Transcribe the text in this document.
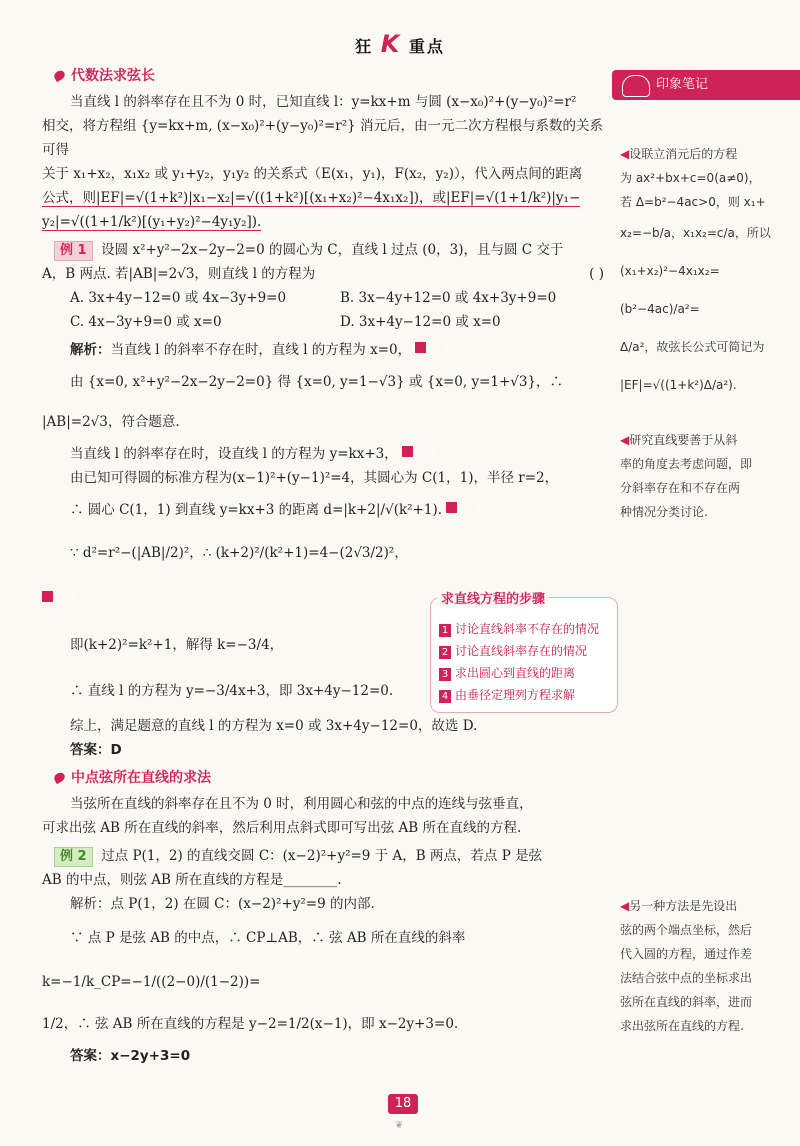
狂 K 重点
代数法求弦长

当直线 l 的斜率存在且不为 0 时，已知直线 l：y=kx+m 与圆 (x−x₀)²+(y−y₀)²=r²

相交，将方程组 {y=kx+m, (x−x₀)²+(y−y₀)²=r²} 消元后，由一元二次方程根与系数的关系可得

关于 x₁+x₂，x₁x₂ 或 y₁+y₂，y₁y₂ 的关系式（E(x₁，y₁)，F(x₂，y₂)），代入两点间的距离

公式，则|EF|=√(1+k²)|x₁−x₂|=√((1+k²)[(x₁+x₂)²−4x₁x₂])，或|EF|=√(1+1/k²)|y₁−

y₂|=√((1+1/k²)[(y₁+y₂)²−4y₁y₂]).

例 1 设圆 x²+y²−2x−2y−2=0 的圆心为 C，直线 l 过点 (0，3)，且与圆 C 交于

A，B 两点. 若|AB|=2√3，则直线 l 的方程为	( )

A. 3x+4y−12=0 或 4x−3y+9=0	B. 3x−4y+12=0 或 4x+3y+9=0
C. 4x−3y+9=0 或 x=0	D. 3x+4y−12=0 或 x=0

解析：当直线 l 的斜率不存在时，直线 l 的方程为 x=0，	1

由 {x=0, x²+y²−2x−2y−2=0} 得 {x=0, y=1−√3} 或 {x=0, y=1+√3}，∴ |AB|=2√3，符合题意.

当直线 l 的斜率存在时，设直线 l 的方程为 y=kx+3，	2

由已知可得圆的标准方程为(x−1)²+(y−1)²=4，其圆心为 C(1，1)，半径 r=2，

∴ 圆心 C(1，1) 到直线 y=kx+3 的距离 d=|k+2|/√(k²+1).	3

∵ d²=r²−(|AB|/2)²，∴ (k+2)²/(k²+1)=4−(2√3/2)²， 4

即(k+2)²=k²+1，解得 k=−3/4，

∴ 直线 l 的方程为 y=−3/4x+3，即 3x+4y−12=0.

综上，满足题意的直线 l 的方程为 x=0 或 3x+4y−12=0，故选 D.

答案：D

中点弦所在直线的求法

当弦所在直线的斜率存在且不为 0 时，利用圆心和弦的中点的连线与弦垂直，

可求出弦 AB 所在直线的斜率，然后利用点斜式即可写出弦 AB 所在直线的方程.

例 2 过点 P(1，2) 的直线交圆 C：(x−2)²+y²=9 于 A，B 两点，若点 P 是弦

AB 的中点，则弦 AB 所在直线的方程是________.

解析：点 P(1，2) 在圆 C：(x−2)²+y²=9 的内部.

∵ 点 P 是弦 AB 的中点，∴ CP⊥AB，∴ 弦 AB 所在直线的斜率 k=−1/k_CP=−1/((2−0)/(1−2))=

1/2，∴ 弦 AB 所在直线的方程是 y−2=1/2(x−1)，即 x−2y+3=0.

答案：x−2y+3=0

求直线方程的步骤
1 讨论直线斜率不存在的情况
2 讨论直线斜率存在的情况
3 求出圆心到直线的距离
4 由垂径定理列方程求解
印象笔记
◀设联立消元后的方程
为 ax²+bx+c=0(a≠0)，
若 Δ=b²−4ac>0，则 x₁+
x₂=−b/a，x₁x₂=c/a，所以
(x₁+x₂)²−4x₁x₂=(b²−4ac)/a²=
Δ/a²，故弦长公式可简记为
|EF|=√((1+k²)Δ/a²).
◀研究直线要善于从斜
率的角度去考虑问题，即
分斜率存在和不存在两
种情况分类讨论.
◀另一种方法是先设出
弦的两个端点坐标，然后
代入圆的方程，通过作差
法结合弦中点的坐标求出
弦所在直线的斜率，进而
求出弦所在直线的方程.
18
❦
